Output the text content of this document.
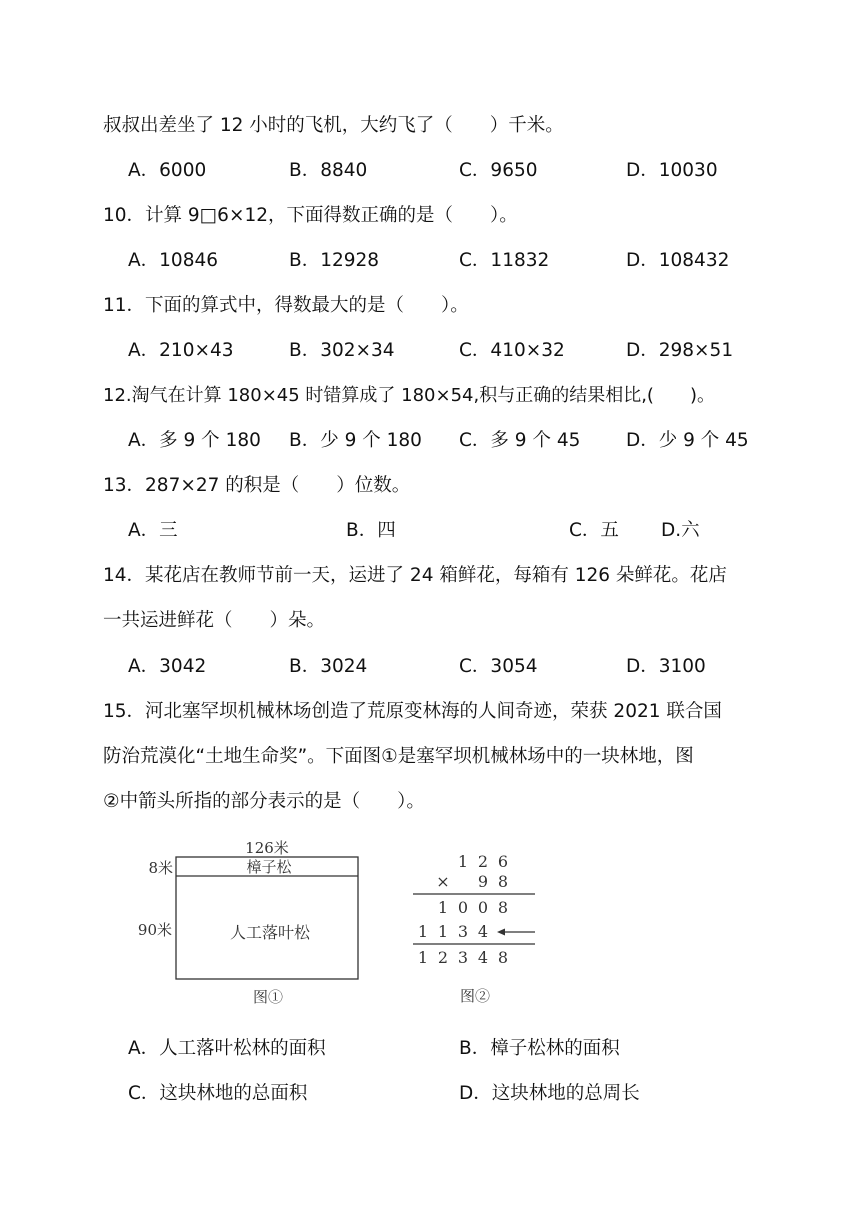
叔叔出差坐了 12 小时的飞机，大约飞了（　　）千米。
A．6000	B．8840	C．9650	D．10030
10．计算 9□6×12，下面得数正确的是（　　）。
A．10846	B．12928	C．11832	D．108432
11．下面的算式中，得数最大的是（　　）。
A．210×43	B．302×34	C．410×32	D．298×51
12.淘气在计算 180×45 时错算成了 180×54,积与正确的结果相比,(　　)。
A．多 9 个 180 B．少 9 个 180 C．多 9 个 45 D．少 9 个 45
13．287×27 的积是（　　）位数。
A．三	B．四	C．五 D.六
14．某花店在教师节前一天，运进了 24 箱鲜花，每箱有 126 朵鲜花。花店
一共运进鲜花（　　）朵。
A．3042	B．3024	C．3054	D．3100
15．河北塞罕坝机械林场创造了荒原变林海的人间奇迹，荣获 2021 联合国
防治荒漠化“土地生命奖”。下面图①是塞罕坝机械林场中的一块林地，图
②中箭头所指的部分表示的是（　　）。
126米
8米	樟子松
90米	人工落叶松
图①
1 2 6
× 9 8
1 0 0 8
1 1 3 4
1 2 3 4 8
图②
A．人工落叶松林的面积	B．樟子松林的面积
C．这块林地的总面积	D．这块林地的总周长
